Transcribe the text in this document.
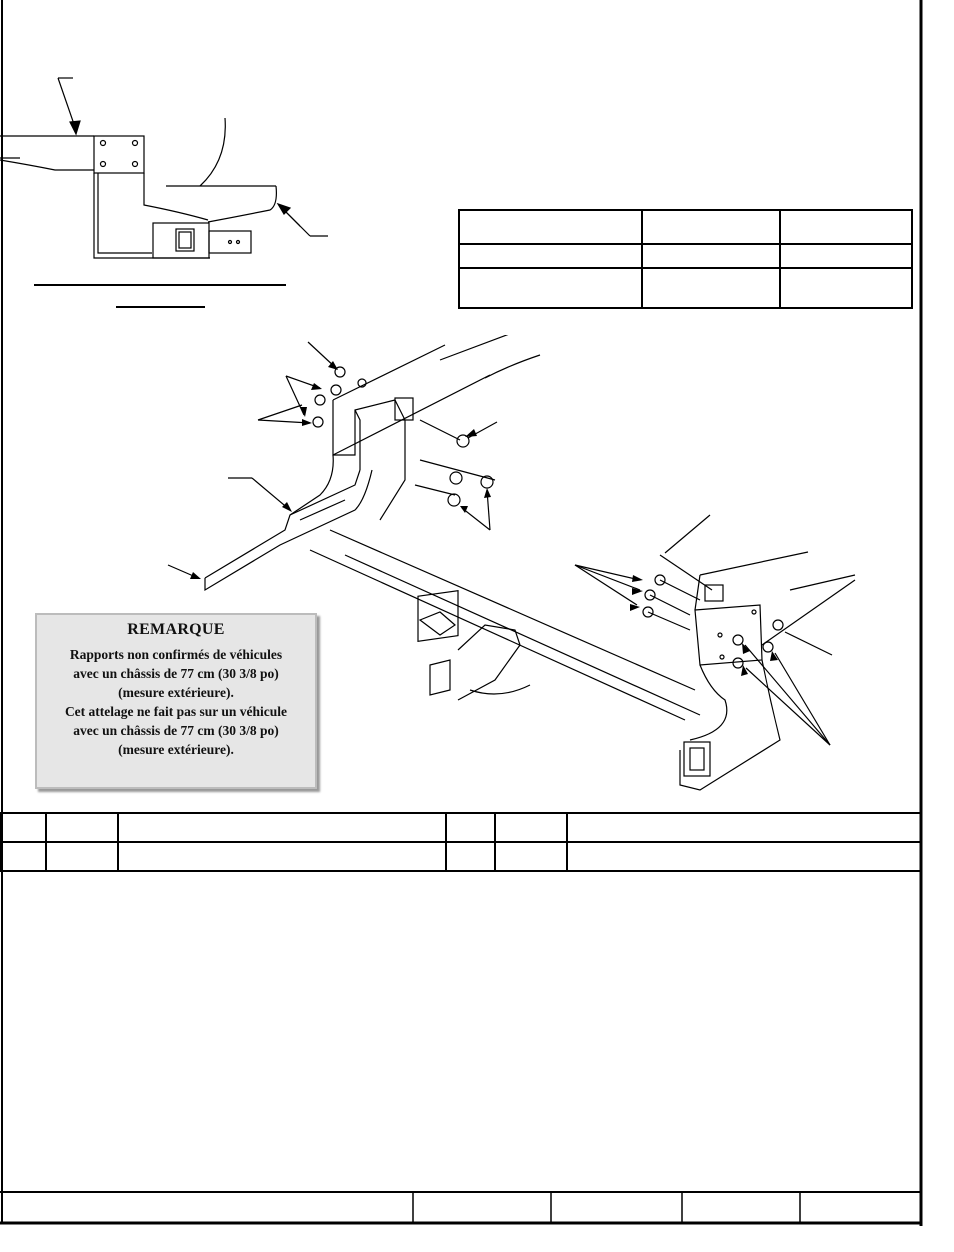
REMARQUE
Rapports non confirmés de véhicules
avec un châssis de 77 cm (30 3/8 po)
(mesure extérieure).
Cet attelage ne fait pas sur un véhicule
avec un châssis de 77 cm (30 3/8 po)
(mesure extérieure).
